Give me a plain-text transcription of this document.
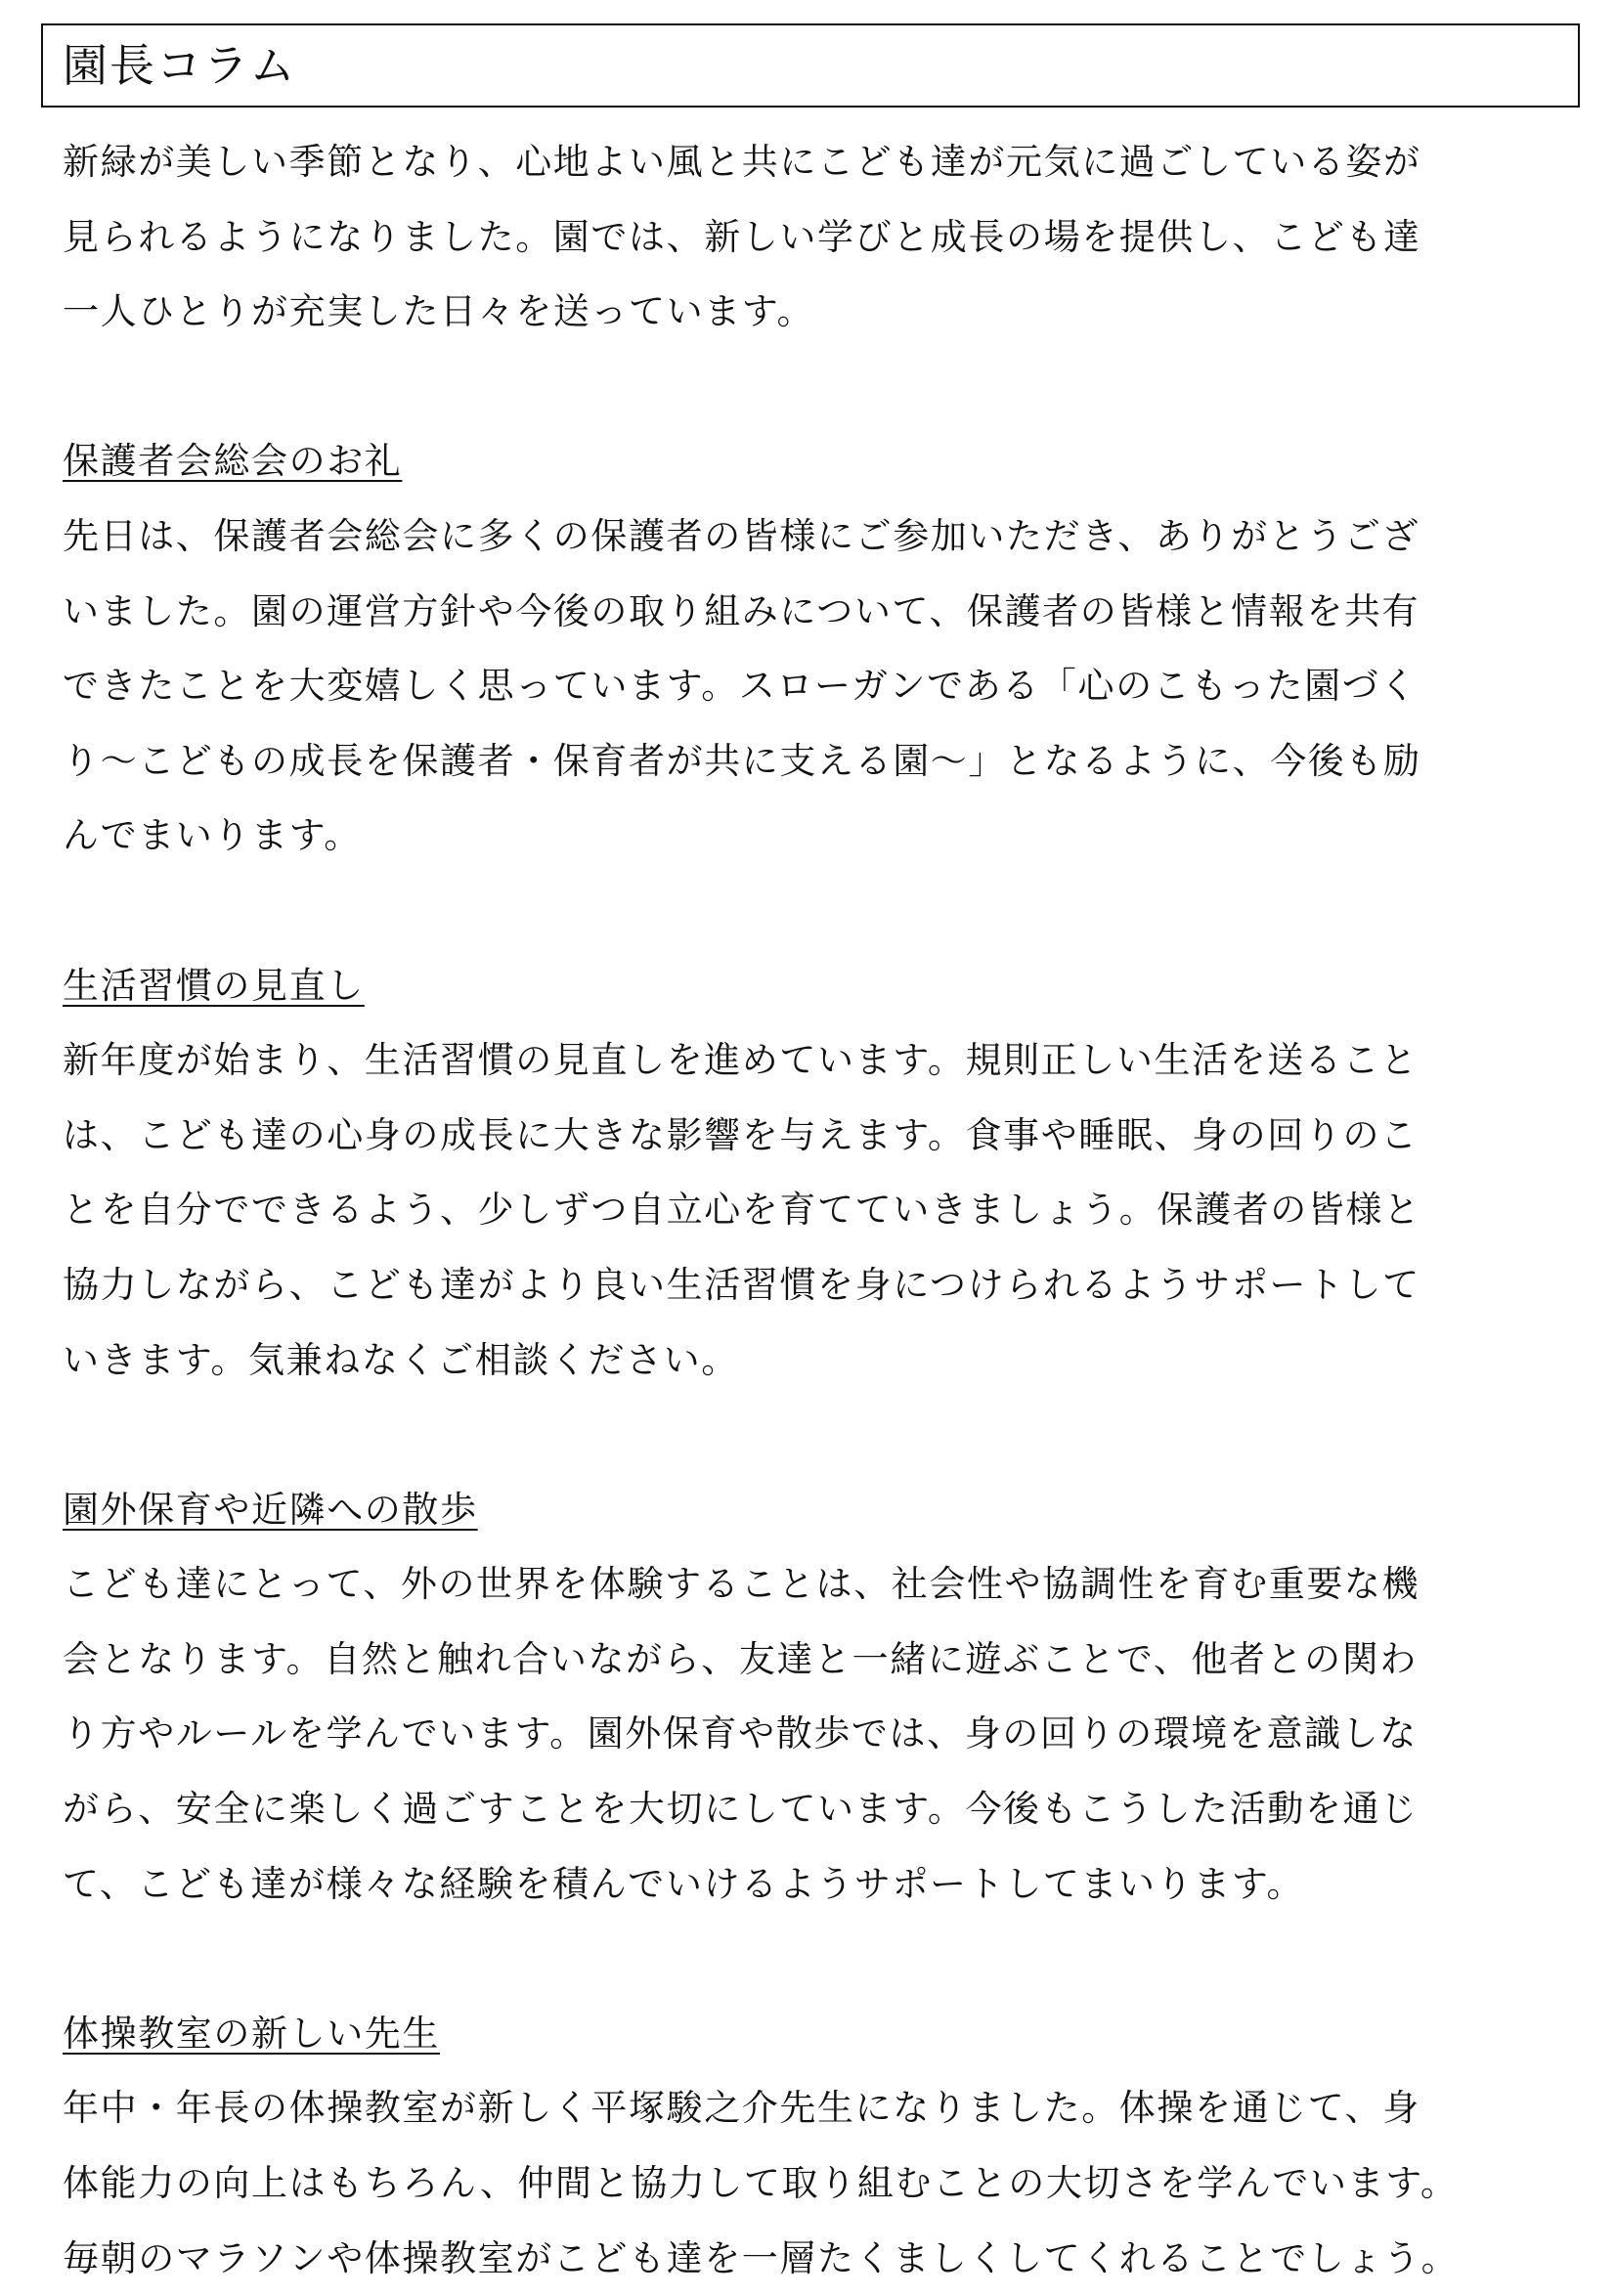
園長コラム
新緑が美しい季節となり、心地よい風と共にこども達が元気に過ごしている姿が
見られるようになりました。園では、新しい学びと成長の場を提供し、こども達
一人ひとりが充実した日々を送っています。
保護者会総会のお礼
先日は、保護者会総会に多くの保護者の皆様にご参加いただき、ありがとうござ
いました。園の運営方針や今後の取り組みについて、保護者の皆様と情報を共有
できたことを大変嬉しく思っています。スローガンである「心のこもった園づく
り～こどもの成長を保護者・保育者が共に支える園～」となるように、今後も励
んでまいります。
生活習慣の見直し
新年度が始まり、生活習慣の見直しを進めています。規則正しい生活を送ること
は、こども達の心身の成長に大きな影響を与えます。食事や睡眠、身の回りのこ
とを自分でできるよう、少しずつ自立心を育てていきましょう。保護者の皆様と
協力しながら、こども達がより良い生活習慣を身につけられるようサポートして
いきます。気兼ねなくご相談ください。
園外保育や近隣への散歩
こども達にとって、外の世界を体験することは、社会性や協調性を育む重要な機
会となります。自然と触れ合いながら、友達と一緒に遊ぶことで、他者との関わ
り方やルールを学んでいます。園外保育や散歩では、身の回りの環境を意識しな
がら、安全に楽しく過ごすことを大切にしています。今後もこうした活動を通じ
て、こども達が様々な経験を積んでいけるようサポートしてまいります。
体操教室の新しい先生
年中・年長の体操教室が新しく平塚駿之介先生になりました。体操を通じて、身
体能力の向上はもちろん、仲間と協力して取り組むことの大切さを学んでいます。
毎朝のマラソンや体操教室がこども達を一層たくましくしてくれることでしょう。
